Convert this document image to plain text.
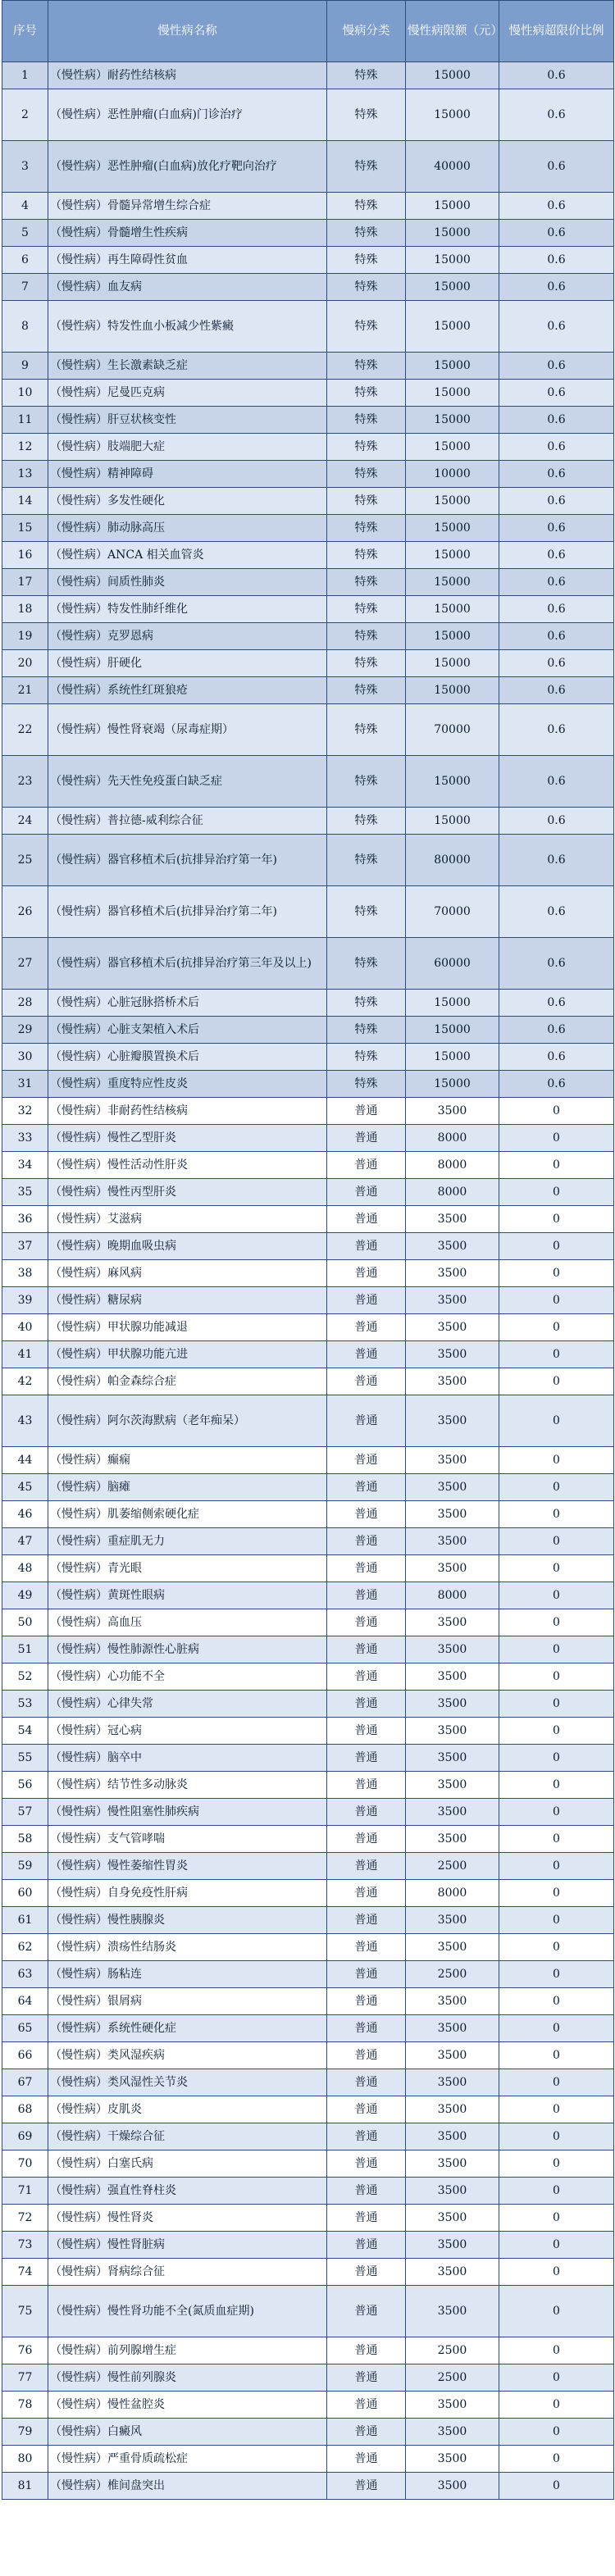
序号	慢性病名称	慢病分类	慢性病限额（元）	慢性病超限价比例
1	（慢性病）耐药性结核病	特殊	15000	0.6
2	（慢性病）恶性肿瘤(白血病)门诊治疗	特殊	15000	0.6
3	（慢性病）恶性肿瘤(白血病)放化疗靶向治疗	特殊	40000	0.6
4	（慢性病）骨髓异常增生综合症	特殊	15000	0.6
5	（慢性病）骨髓增生性疾病	特殊	15000	0.6
6	（慢性病）再生障碍性贫血	特殊	15000	0.6
7	（慢性病）血友病	特殊	15000	0.6
8	（慢性病）特发性血小板减少性紫癜	特殊	15000	0.6
9	（慢性病）生长激素缺乏症	特殊	15000	0.6
10	（慢性病）尼曼匹克病	特殊	15000	0.6
11	（慢性病）肝豆状核变性	特殊	15000	0.6
12	（慢性病）肢端肥大症	特殊	15000	0.6
13	（慢性病）精神障碍	特殊	10000	0.6
14	（慢性病）多发性硬化	特殊	15000	0.6
15	（慢性病）肺动脉高压	特殊	15000	0.6
16	（慢性病）ANCA 相关血管炎	特殊	15000	0.6
17	（慢性病）间质性肺炎	特殊	15000	0.6
18	（慢性病）特发性肺纤维化	特殊	15000	0.6
19	（慢性病）克罗恩病	特殊	15000	0.6
20	（慢性病）肝硬化	特殊	15000	0.6
21	（慢性病）系统性红斑狼疮	特殊	15000	0.6
22	（慢性病）慢性肾衰竭（尿毒症期）	特殊	70000	0.6
23	（慢性病）先天性免疫蛋白缺乏症	特殊	15000	0.6
24	（慢性病）普拉德-威利综合征	特殊	15000	0.6
25	（慢性病）器官移植术后(抗排异治疗第一年)	特殊	80000	0.6
26	（慢性病）器官移植术后(抗排异治疗第二年)	特殊	70000	0.6
27	（慢性病）器官移植术后(抗排异治疗第三年及以上)	特殊	60000	0.6
28	（慢性病）心脏冠脉搭桥术后	特殊	15000	0.6
29	（慢性病）心脏支架植入术后	特殊	15000	0.6
30	（慢性病）心脏瓣膜置换术后	特殊	15000	0.6
31	（慢性病）重度特应性皮炎	特殊	15000	0.6
32	（慢性病）非耐药性结核病	普通	3500	0
33	（慢性病）慢性乙型肝炎	普通	8000	0
34	（慢性病）慢性活动性肝炎	普通	8000	0
35	（慢性病）慢性丙型肝炎	普通	8000	0
36	（慢性病）艾滋病	普通	3500	0
37	（慢性病）晚期血吸虫病	普通	3500	0
38	（慢性病）麻风病	普通	3500	0
39	（慢性病）糖尿病	普通	3500	0
40	（慢性病）甲状腺功能减退	普通	3500	0
41	（慢性病）甲状腺功能亢进	普通	3500	0
42	（慢性病）帕金森综合症	普通	3500	0
43	（慢性病）阿尔茨海默病（老年痴呆）	普通	3500	0
44	（慢性病）癫痫	普通	3500	0
45	（慢性病）脑瘫	普通	3500	0
46	（慢性病）肌萎缩侧索硬化症	普通	3500	0
47	（慢性病）重症肌无力	普通	3500	0
48	（慢性病）青光眼	普通	3500	0
49	（慢性病）黄斑性眼病	普通	8000	0
50	（慢性病）高血压	普通	3500	0
51	（慢性病）慢性肺源性心脏病	普通	3500	0
52	（慢性病）心功能不全	普通	3500	0
53	（慢性病）心律失常	普通	3500	0
54	（慢性病）冠心病	普通	3500	0
55	（慢性病）脑卒中	普通	3500	0
56	（慢性病）结节性多动脉炎	普通	3500	0
57	（慢性病）慢性阻塞性肺疾病	普通	3500	0
58	（慢性病）支气管哮喘	普通	3500	0
59	（慢性病）慢性萎缩性胃炎	普通	2500	0
60	（慢性病）自身免疫性肝病	普通	8000	0
61	（慢性病）慢性胰腺炎	普通	3500	0
62	（慢性病）溃疡性结肠炎	普通	3500	0
63	（慢性病）肠粘连	普通	2500	0
64	（慢性病）银屑病	普通	3500	0
65	（慢性病）系统性硬化症	普通	3500	0
66	（慢性病）类风湿疾病	普通	3500	0
67	（慢性病）类风湿性关节炎	普通	3500	0
68	（慢性病）皮肌炎	普通	3500	0
69	（慢性病）干燥综合征	普通	3500	0
70	（慢性病）白塞氏病	普通	3500	0
71	（慢性病）强直性脊柱炎	普通	3500	0
72	（慢性病）慢性肾炎	普通	3500	0
73	（慢性病）慢性肾脏病	普通	3500	0
74	（慢性病）肾病综合征	普通	3500	0
75	（慢性病）慢性肾功能不全(氮质血症期)	普通	3500	0
76	（慢性病）前列腺增生症	普通	2500	0
77	（慢性病）慢性前列腺炎	普通	2500	0
78	（慢性病）慢性盆腔炎	普通	3500	0
79	（慢性病）白癜风	普通	3500	0
80	（慢性病）严重骨质疏松症	普通	3500	0
81	（慢性病）椎间盘突出	普通	3500	0
